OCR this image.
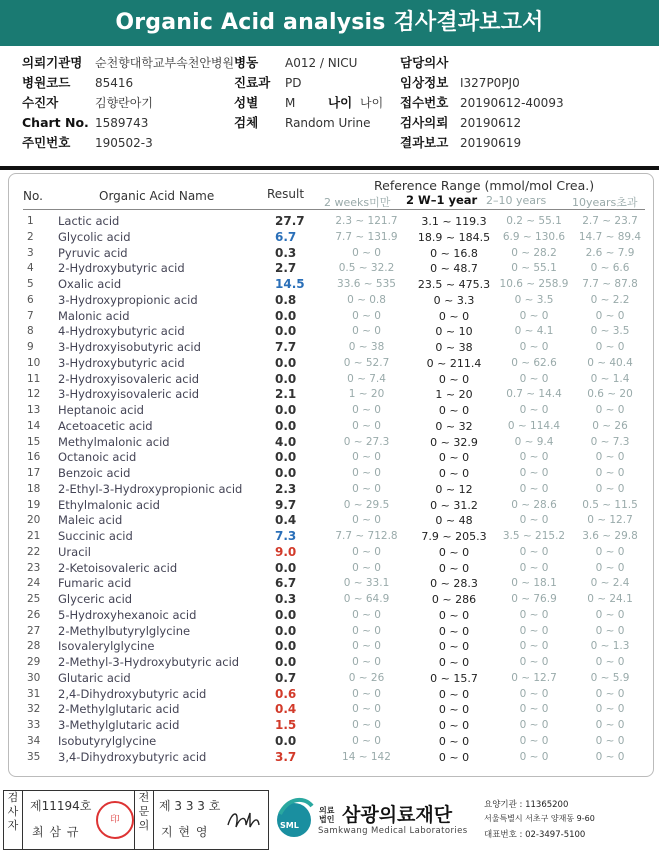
Organic Acid analysis 검사결과보고서
의뢰기관명 순천향대학교부속천안병원 병동 A012 / NICU	담당의사
병원코드 85416	진료과 PD	임상정보 I327P0PJ0
수진자	김향란아기	성별 M	나이 나이 접수번호 20190612-40093
Chart No. 1589743	검체 Random Urine 검사의뢰 20190612
주민번호 190502-3	결과보고 20190619
No.	Organic Acid Name	Result
Reference Range (mmol/mol Crea.)
2 weeks미만 2 W–1 year 2–10 years 10years초과
1	Lactic acid	27.7	2.3 ~ 121.7	3.1 ~ 119.3	0.2 ~ 55.1	2.7 ~ 23.7
2	Glycolic acid	6.7	7.7 ~ 131.9	18.9 ~ 184.5	6.9 ~ 130.6	14.7 ~ 89.4
3	Pyruvic acid	0.3	0 ~ 0	0 ~ 16.8	0 ~ 28.2	2.6 ~ 7.9
4	2-Hydroxybutyric acid	2.7	0.5 ~ 32.2	0 ~ 48.7	0 ~ 55.1	0 ~ 6.6
5	Oxalic acid	14.5	33.6 ~ 535	23.5 ~ 475.3 10.6 ~ 258.9	7.7 ~ 87.8
6	3-Hydroxypropionic acid	0.8	0 ~ 0.8	0 ~ 3.3	0 ~ 3.5	0 ~ 2.2
7	Malonic acid	0.0	0 ~ 0	0 ~ 0	0 ~ 0	0 ~ 0
8	4-Hydroxybutyric acid	0.0	0 ~ 0	0 ~ 10	0 ~ 4.1	0 ~ 3.5
9	3-Hydroxyisobutyric acid	7.7	0 ~ 38	0 ~ 38	0 ~ 0	0 ~ 0
10	3-Hydroxybutyric acid	0.0	0 ~ 52.7	0 ~ 211.4	0 ~ 62.6	0 ~ 40.4
11	2-Hydroxyisovaleric acid	0.0	0 ~ 7.4	0 ~ 0	0 ~ 0	0 ~ 1.4
12	3-Hydroxyisovaleric acid	2.1	1 ~ 20	1 ~ 20	0.7 ~ 14.4	0.6 ~ 20
13	Heptanoic acid	0.0	0 ~ 0	0 ~ 0	0 ~ 0	0 ~ 0
14	Acetoacetic acid	0.0	0 ~ 0	0 ~ 32	0 ~ 114.4	0 ~ 26
15	Methylmalonic acid	4.0	0 ~ 27.3	0 ~ 32.9	0 ~ 9.4	0 ~ 7.3
16	Octanoic acid	0.0	0 ~ 0	0 ~ 0	0 ~ 0	0 ~ 0
17	Benzoic acid	0.0	0 ~ 0	0 ~ 0	0 ~ 0	0 ~ 0
18	2-Ethyl-3-Hydroxypropionic acid	2.3	0 ~ 0	0 ~ 12	0 ~ 0	0 ~ 0
19	Ethylmalonic acid	9.7	0 ~ 29.5	0 ~ 31.2	0 ~ 28.6	0.5 ~ 11.5
20	Maleic acid	0.4	0 ~ 0	0 ~ 48	0 ~ 0	0 ~ 12.7
21	Succinic acid	7.3	7.7 ~ 712.8	7.9 ~ 205.3	3.5 ~ 215.2	3.6 ~ 29.8
22	Uracil	9.0	0 ~ 0	0 ~ 0	0 ~ 0	0 ~ 0
23	2-Ketoisovaleric acid	0.0	0 ~ 0	0 ~ 0	0 ~ 0	0 ~ 0
24	Fumaric acid	6.7	0 ~ 33.1	0 ~ 28.3	0 ~ 18.1	0 ~ 2.4
25	Glyceric acid	0.3	0 ~ 64.9	0 ~ 286	0 ~ 76.9	0 ~ 24.1
26	5-Hydroxyhexanoic acid	0.0	0 ~ 0	0 ~ 0	0 ~ 0	0 ~ 0
27	2-Methylbutyrylglycine	0.0	0 ~ 0	0 ~ 0	0 ~ 0	0 ~ 0
28	Isovalerylglycine	0.0	0 ~ 0	0 ~ 0	0 ~ 0	0 ~ 1.3
29	2-Methyl-3-Hydroxybutyric acid	0.0	0 ~ 0	0 ~ 0	0 ~ 0	0 ~ 0
30	Glutaric acid	0.7	0 ~ 26	0 ~ 15.7	0 ~ 12.7	0 ~ 5.9
31	2,4-Dihydroxybutyric acid	0.6	0 ~ 0	0 ~ 0	0 ~ 0	0 ~ 0
32	2-Methylglutaric acid	0.4	0 ~ 0	0 ~ 0	0 ~ 0	0 ~ 0
33	3-Methylglutaric acid	1.5	0 ~ 0	0 ~ 0	0 ~ 0	0 ~ 0
34	Isobutyrylglycine	0.0	0 ~ 0	0 ~ 0	0 ~ 0	0 ~ 0
35	3,4-Dihydroxybutyric acid	3.7	14 ~ 142	0 ~ 0	0 ~ 0	0 ~ 0
검사자
제11194호
최 삼 규
印
전문의
제 3 3 3 호
지 현 영	SML
의료
법인 삼광의료재단
Samkwang Medical Laboratories
요양기관 : 11365200
서울특별시 서초구 양재동 9-60
대표번호 : 02-3497-5100
